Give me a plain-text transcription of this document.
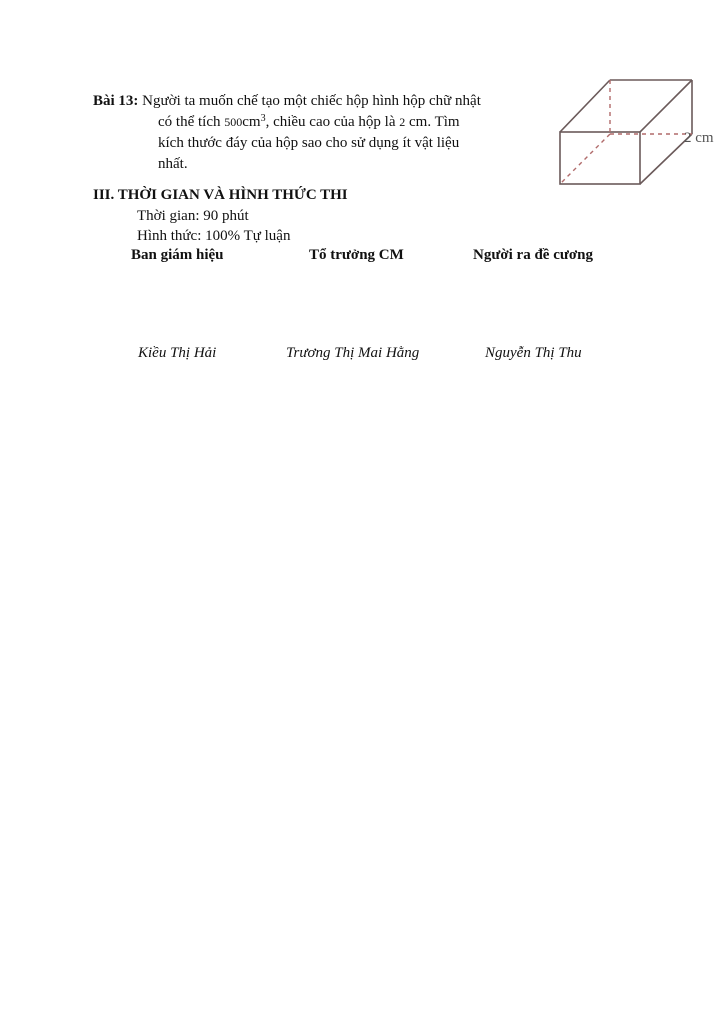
Bài 13: Người ta muốn chế tạo một chiếc hộp hình hộp chữ nhật
có thể tích $500cm^3$, chiều cao của hộp là 2 cm. Tìm
kích thước đáy của hộp sao cho sử dụng ít vật liệu
nhất.
2 cm
III. THỜI GIAN VÀ HÌNH THỨC THI
Thời gian: 90 phút
Hình thức: 100% Tự luận
Ban giám hiệu	Tổ trưởng CM	Người ra đề cương
Kiều Thị Hải	Trương Thị Mai Hằng	Nguyễn Thị Thu
